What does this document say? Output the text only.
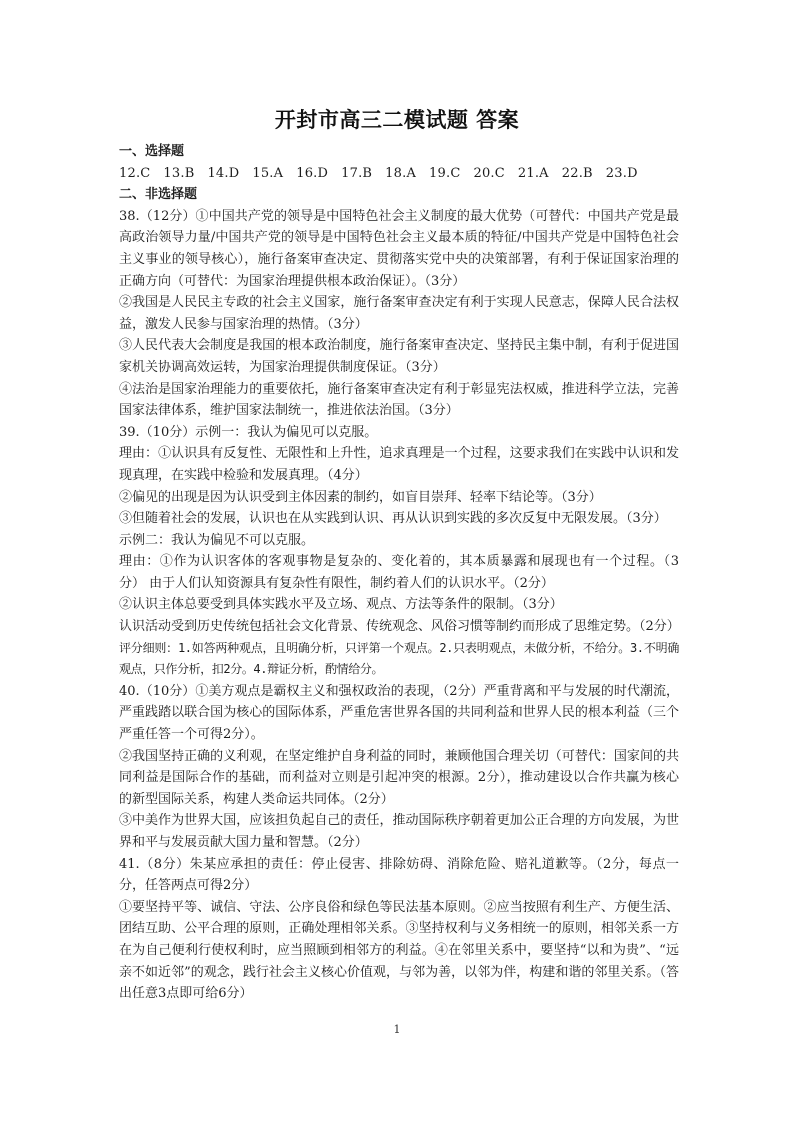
开封市高三二模试题 答案
一、选择题
12.C 13.B 14.D 15.A 16.D 17.B 18.A 19.C 20.C 21.A 22.B 23.D
二、非选择题
38.（12分）①中国共产党的领导是中国特色社会主义制度的最大优势（可替代：中国共产党是最高政治领导力量/中国共产党的领导是中国特色社会主义最本质的特征/中国共产党是中国特色社会主义事业的领导核心），施行备案审查决定、贯彻落实党中央的决策部署，有利于保证国家治理的正确方向（可替代：为国家治理提供根本政治保证）。（3分）
②我国是人民民主专政的社会主义国家，施行备案审查决定有利于实现人民意志，保障人民合法权益，激发人民参与国家治理的热情。（3分）
③人民代表大会制度是我国的根本政治制度，施行备案审查决定、坚持民主集中制，有利于促进国家机关协调高效运转，为国家治理提供制度保证。（3分）
④法治是国家治理能力的重要依托，施行备案审查决定有利于彰显宪法权威，推进科学立法，完善国家法律体系，维护国家法制统一，推进依法治国。（3分）
39.（10分）示例一：我认为偏见可以克服。
理由：①认识具有反复性、无限性和上升性，追求真理是一个过程，这要求我们在实践中认识和发现真理，在实践中检验和发展真理。（4分）
②偏见的出现是因为认识受到主体因素的制约，如盲目崇拜、轻率下结论等。（3分）
③但随着社会的发展，认识也在从实践到认识、再从认识到实践的多次反复中无限发展。（3分）
示例二：我认为偏见不可以克服。
理由：①作为认识客体的客观事物是复杂的、变化着的，其本质暴露和展现也有一个过程。（3分） 由于人们认知资源具有复杂性有限性，制约着人们的认识水平。（2分）
②认识主体总要受到具体实践水平及立场、观点、方法等条件的限制。（3分）
认识活动受到历史传统包括社会文化背景、传统观念、风俗习惯等制约而形成了思维定势。（2分）
评分细则：1.如答两种观点，且明确分析，只评第一个观点。2.只表明观点，未做分析，不给分。3.不明确观点，只作分析，扣2分。4.辩证分析，酌情给分。
40.（10分）①美方观点是霸权主义和强权政治的表现，（2分）严重背离和平与发展的时代潮流，严重践踏以联合国为核心的国际体系，严重危害世界各国的共同利益和世界人民的根本利益（三个严重任答一个可得2分）。
②我国坚持正确的义利观，在坚定维护自身利益的同时，兼顾他国合理关切（可替代：国家间的共同利益是国际合作的基础，而利益对立则是引起冲突的根源。2分），推动建设以合作共赢为核心的新型国际关系，构建人类命运共同体。（2分）
③中美作为世界大国，应该担负起自己的责任，推动国际秩序朝着更加公正合理的方向发展，为世界和平与发展贡献大国力量和智慧。（2分）
41.（8分）朱某应承担的责任：停止侵害、排除妨碍、消除危险、赔礼道歉等。（2分，每点一分，任答两点可得2分）
①要坚持平等、诚信、守法、公序良俗和绿色等民法基本原则。②应当按照有利生产、方便生活、团结互助、公平合理的原则，正确处理相邻关系。③坚持权利与义务相统一的原则，相邻关系一方在为自己便利行使权利时，应当照顾到相邻方的利益。④在邻里关系中，要坚持“以和为贵”、“远亲不如近邻”的观念，践行社会主义核心价值观，与邻为善，以邻为伴，构建和谐的邻里关系。（答出任意3点即可给6分）
1
